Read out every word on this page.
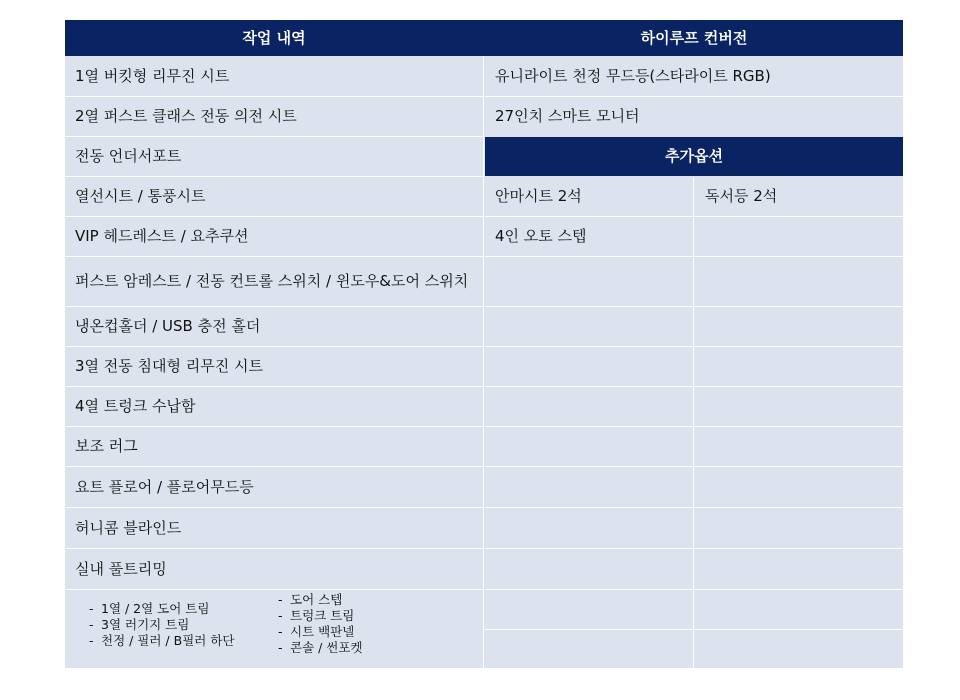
작업 내역	하이루프 컨버전
1열 버킷형 리무진 시트
2열 퍼스트 클래스 전동 의전 시트
전동 언더서포트
열선시트 / 통풍시트
VIP 헤드레스트 / 요추쿠션
퍼스트 암레스트 / 전동 컨트롤 스위치 / 윈도우&도어 스위치
냉온컵홀더 / USB 충전 홀더
3열 전동 침대형 리무진 시트
4열 트렁크 수납함
보조 러그
요트 플로어 / 플로어무드등
허니콤 블라인드
실내 풀트리밍
- 1열 / 2열 도어 트림
- 3열 러기지 트림
- 천정 / 필러 / B필러 하단
- 도어 스텝
- 트렁크 트림
- 시트 백판넬
- 콘솔 / 썬포켓
유니라이트 천정 무드등(스타라이트 RGB)
27인치 스마트 모니터
추가옵션
안마시트 2석	독서등 2석
4인 오토 스텝
